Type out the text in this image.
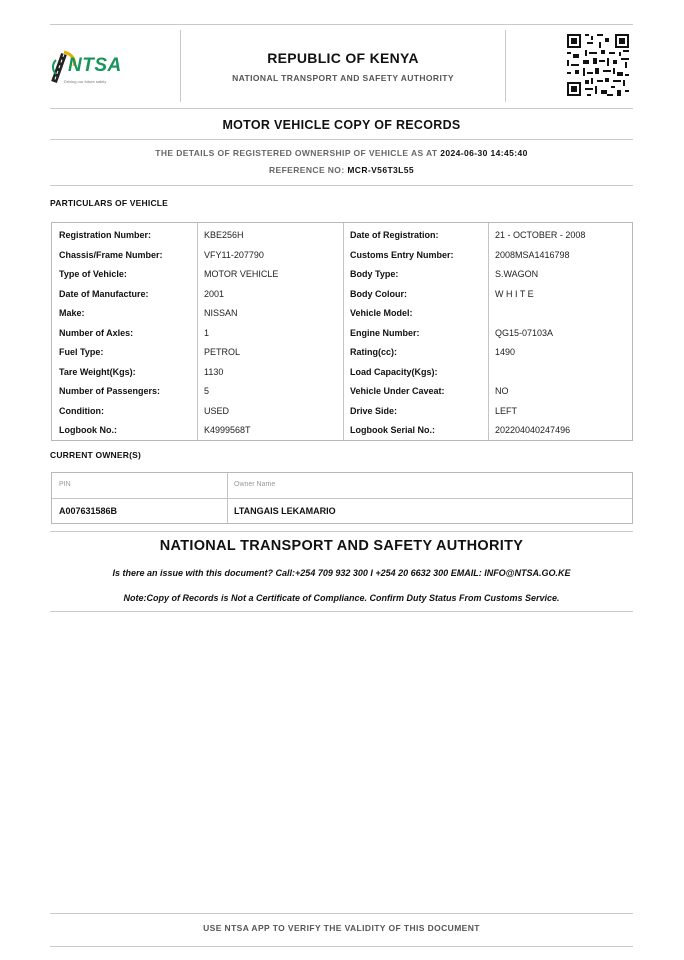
NTSA
Driving our future safely
REPUBLIC OF KENYA
NATIONAL TRANSPORT AND SAFETY AUTHORITY
MOTOR VEHICLE COPY OF RECORDS
THE DETAILS OF REGISTERED OWNERSHIP OF VEHICLE AS AT 2024-06-30 14:45:40
REFERENCE NO: MCR-V56T3L55
PARTICULARS OF VEHICLE
Registration Number:	KBE256H	Date of Registration:	21 - OCTOBER - 2008
Chassis/Frame Number:	VFY11-207790	Customs Entry Number:	2008MSA1416798
Type of Vehicle:	MOTOR VEHICLE	Body Type:	S.WAGON
Date of Manufacture:	2001	Body Colour:	W H I T E
Make:	NISSAN	Vehicle Model:
Number of Axles:	1	Engine Number:	QG15-07103A
Fuel Type:	PETROL	Rating(cc):	1490
Tare Weight(Kgs):	1130	Load Capacity(Kgs):
Number of Passengers:	5	Vehicle Under Caveat:	NO
Condition:	USED	Drive Side:	LEFT
Logbook No.:	K4999568T	Logbook Serial No.:	202204040247496
CURRENT OWNER(S)
PIN	Owner Name
A007631586B	LTANGAIS LEKAMARIO
NATIONAL TRANSPORT AND SAFETY AUTHORITY
Is there an issue with this document? Call:+254 709 932 300 I +254 20 6632 300 EMAIL: INFO@NTSA.GO.KE
Note:Copy of Records is Not a Certificate of Compliance. Confirm Duty Status From Customs Service.
USE NTSA APP TO VERIFY THE VALIDITY OF THIS DOCUMENT
